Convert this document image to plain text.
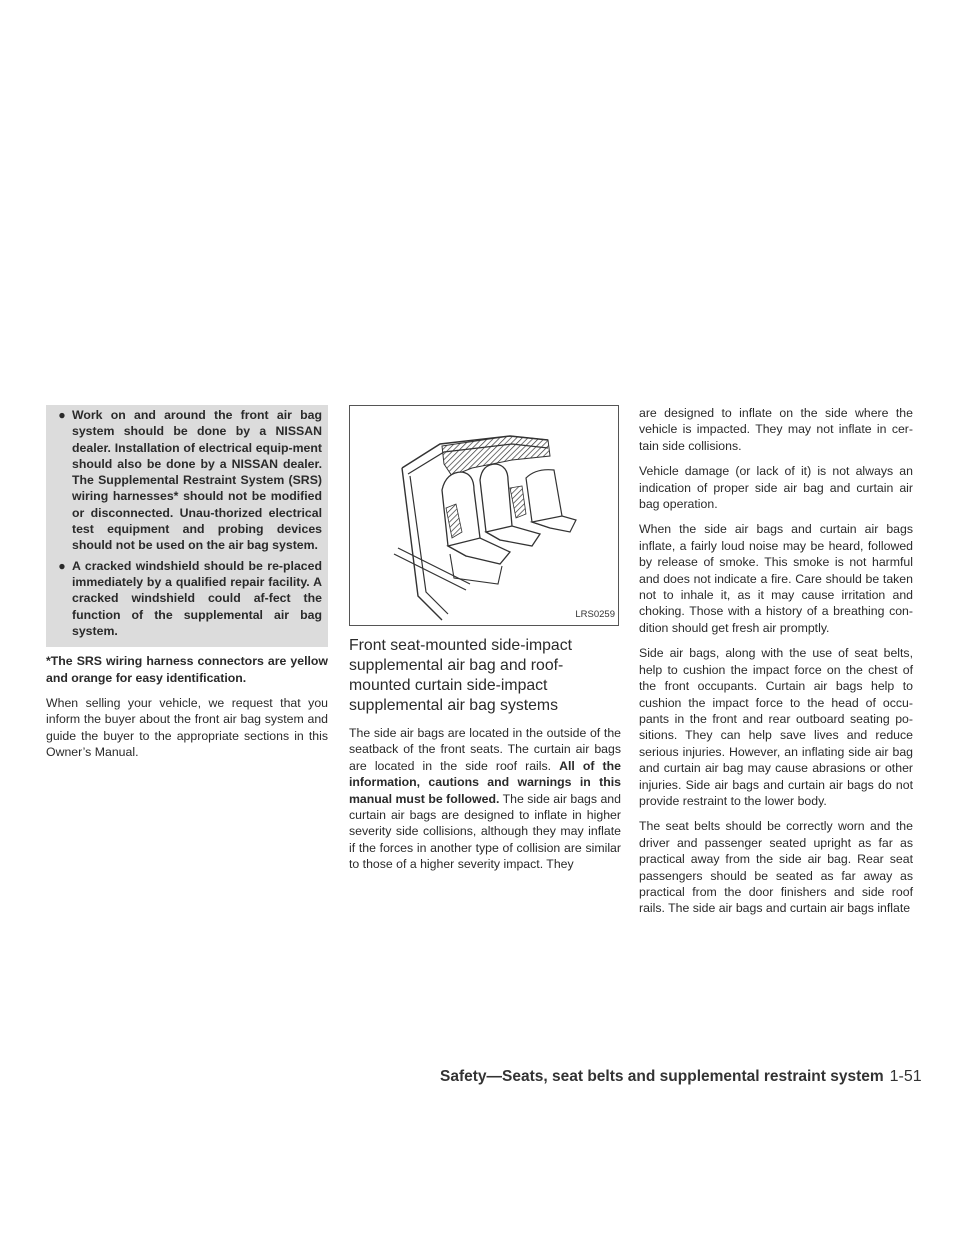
● Work on and around the front air bag system should be done by a NISSAN dealer. Installation of electrical equip-ment should also be done by a NISSAN dealer. The Supplemental Restraint System (SRS) wiring harnesses* should not be modified or disconnected. Unau-thorized electrical test equipment and probing devices should not be used on the air bag system.
● A cracked windshield should be re-placed immediately by a qualified repair facility. A cracked windshield could af-fect the function of the supplemental air bag system.

*The SRS wiring harness connectors are yellow and orange for easy identification.

When selling your vehicle, we request that you inform the buyer about the front air bag system and guide the buyer to the appropriate sections in this Owner’s Manual.

LRS0259
Front seat-mounted side-impact supplemental air bag and roof-mounted curtain side-impact supplemental air bag systems

The side air bags are located in the outside of the seatback of the front seats. The curtain air bags are located in the side roof rails. All of the information, cautions and warnings in this manual must be followed. The side air bags and curtain air bags are designed to inflate in higher severity side collisions, although they may inflate if the forces in another type of collision are similar to those of a higher severity impact. They

are designed to inflate on the side where the vehicle is impacted. They may not inflate in cer-tain side collisions.

Vehicle damage (or lack of it) is not always an indication of proper side air bag and curtain air bag operation.

When the side air bags and curtain air bags inflate, a fairly loud noise may be heard, followed by release of smoke. This smoke is not harmful and does not indicate a fire. Care should be taken not to inhale it, as it may cause irritation and choking. Those with a history of a breathing con-dition should get fresh air promptly.

Side air bags, along with the use of seat belts, help to cushion the impact force on the chest of the front occupants. Curtain air bags help to cushion the impact force to the head of occu-pants in the front and rear outboard seating po-sitions. They can help save lives and reduce serious injuries. However, an inflating side air bag and curtain air bag may cause abrasions or other injuries. Side air bags and curtain air bags do not provide restraint to the lower body.

The seat belts should be correctly worn and the driver and passenger seated upright as far as practical away from the side air bag. Rear seat passengers should be seated as far away as practical from the door finishers and side roof rails. The side air bags and curtain air bags inflate

Safety—Seats, seat belts and supplemental restraint system 1-51
